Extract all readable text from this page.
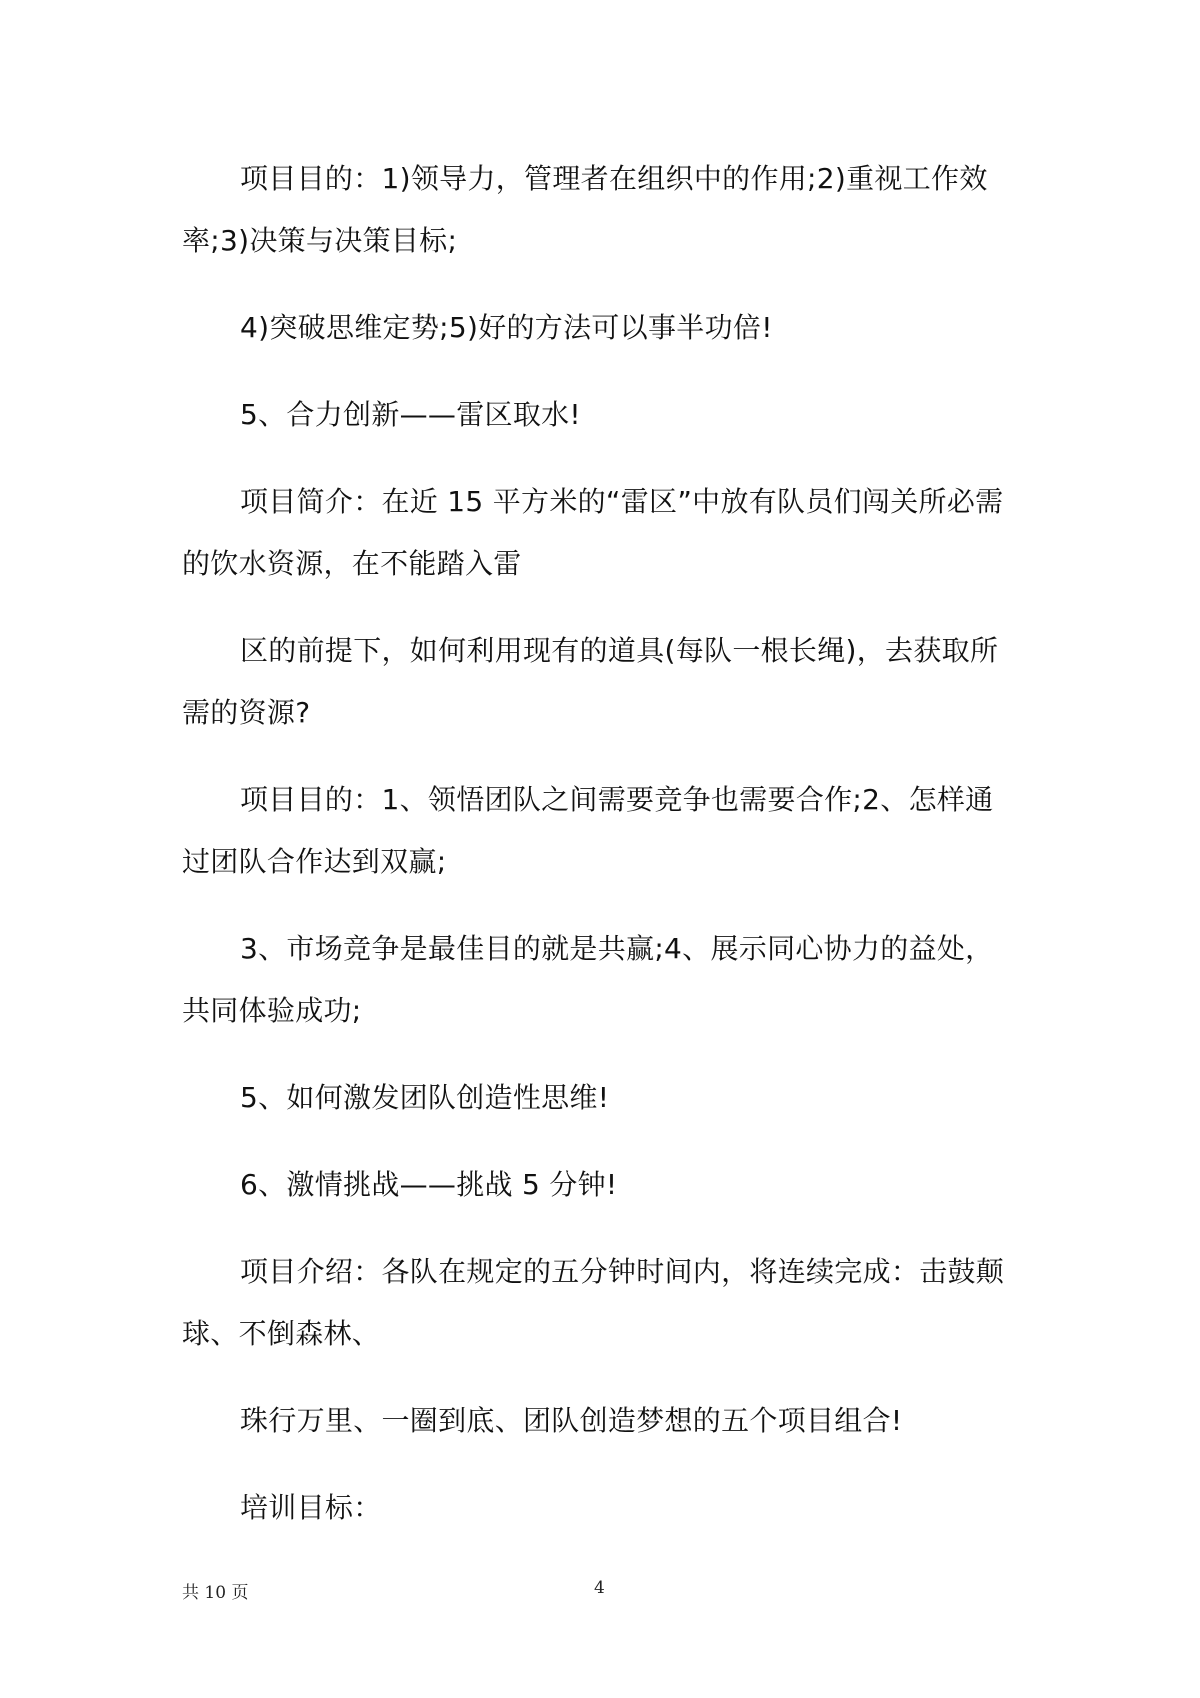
项目目的：1)领导力，管理者在组织中的作用;2)重视工作效率;3)决策与决策目标;

4)突破思维定势;5)好的方法可以事半功倍!

5、合力创新——雷区取水!

项目简介：在近 15 平方米的“雷区”中放有队员们闯关所必需的饮水资源，在不能踏入雷

区的前提下，如何利用现有的道具(每队一根长绳)，去获取所需的资源?

项目目的：1、领悟团队之间需要竞争也需要合作;2、怎样通过团队合作达到双赢;

3、市场竞争是最佳目的就是共赢;4、展示同心协力的益处，共同体验成功;

5、如何激发团队创造性思维!

6、激情挑战——挑战 5 分钟!

项目介绍：各队在规定的五分钟时间内，将连续完成：击鼓颠球、不倒森林、

珠行万里、一圈到底、团队创造梦想的五个项目组合!

培训目标：

共 10 页	4
